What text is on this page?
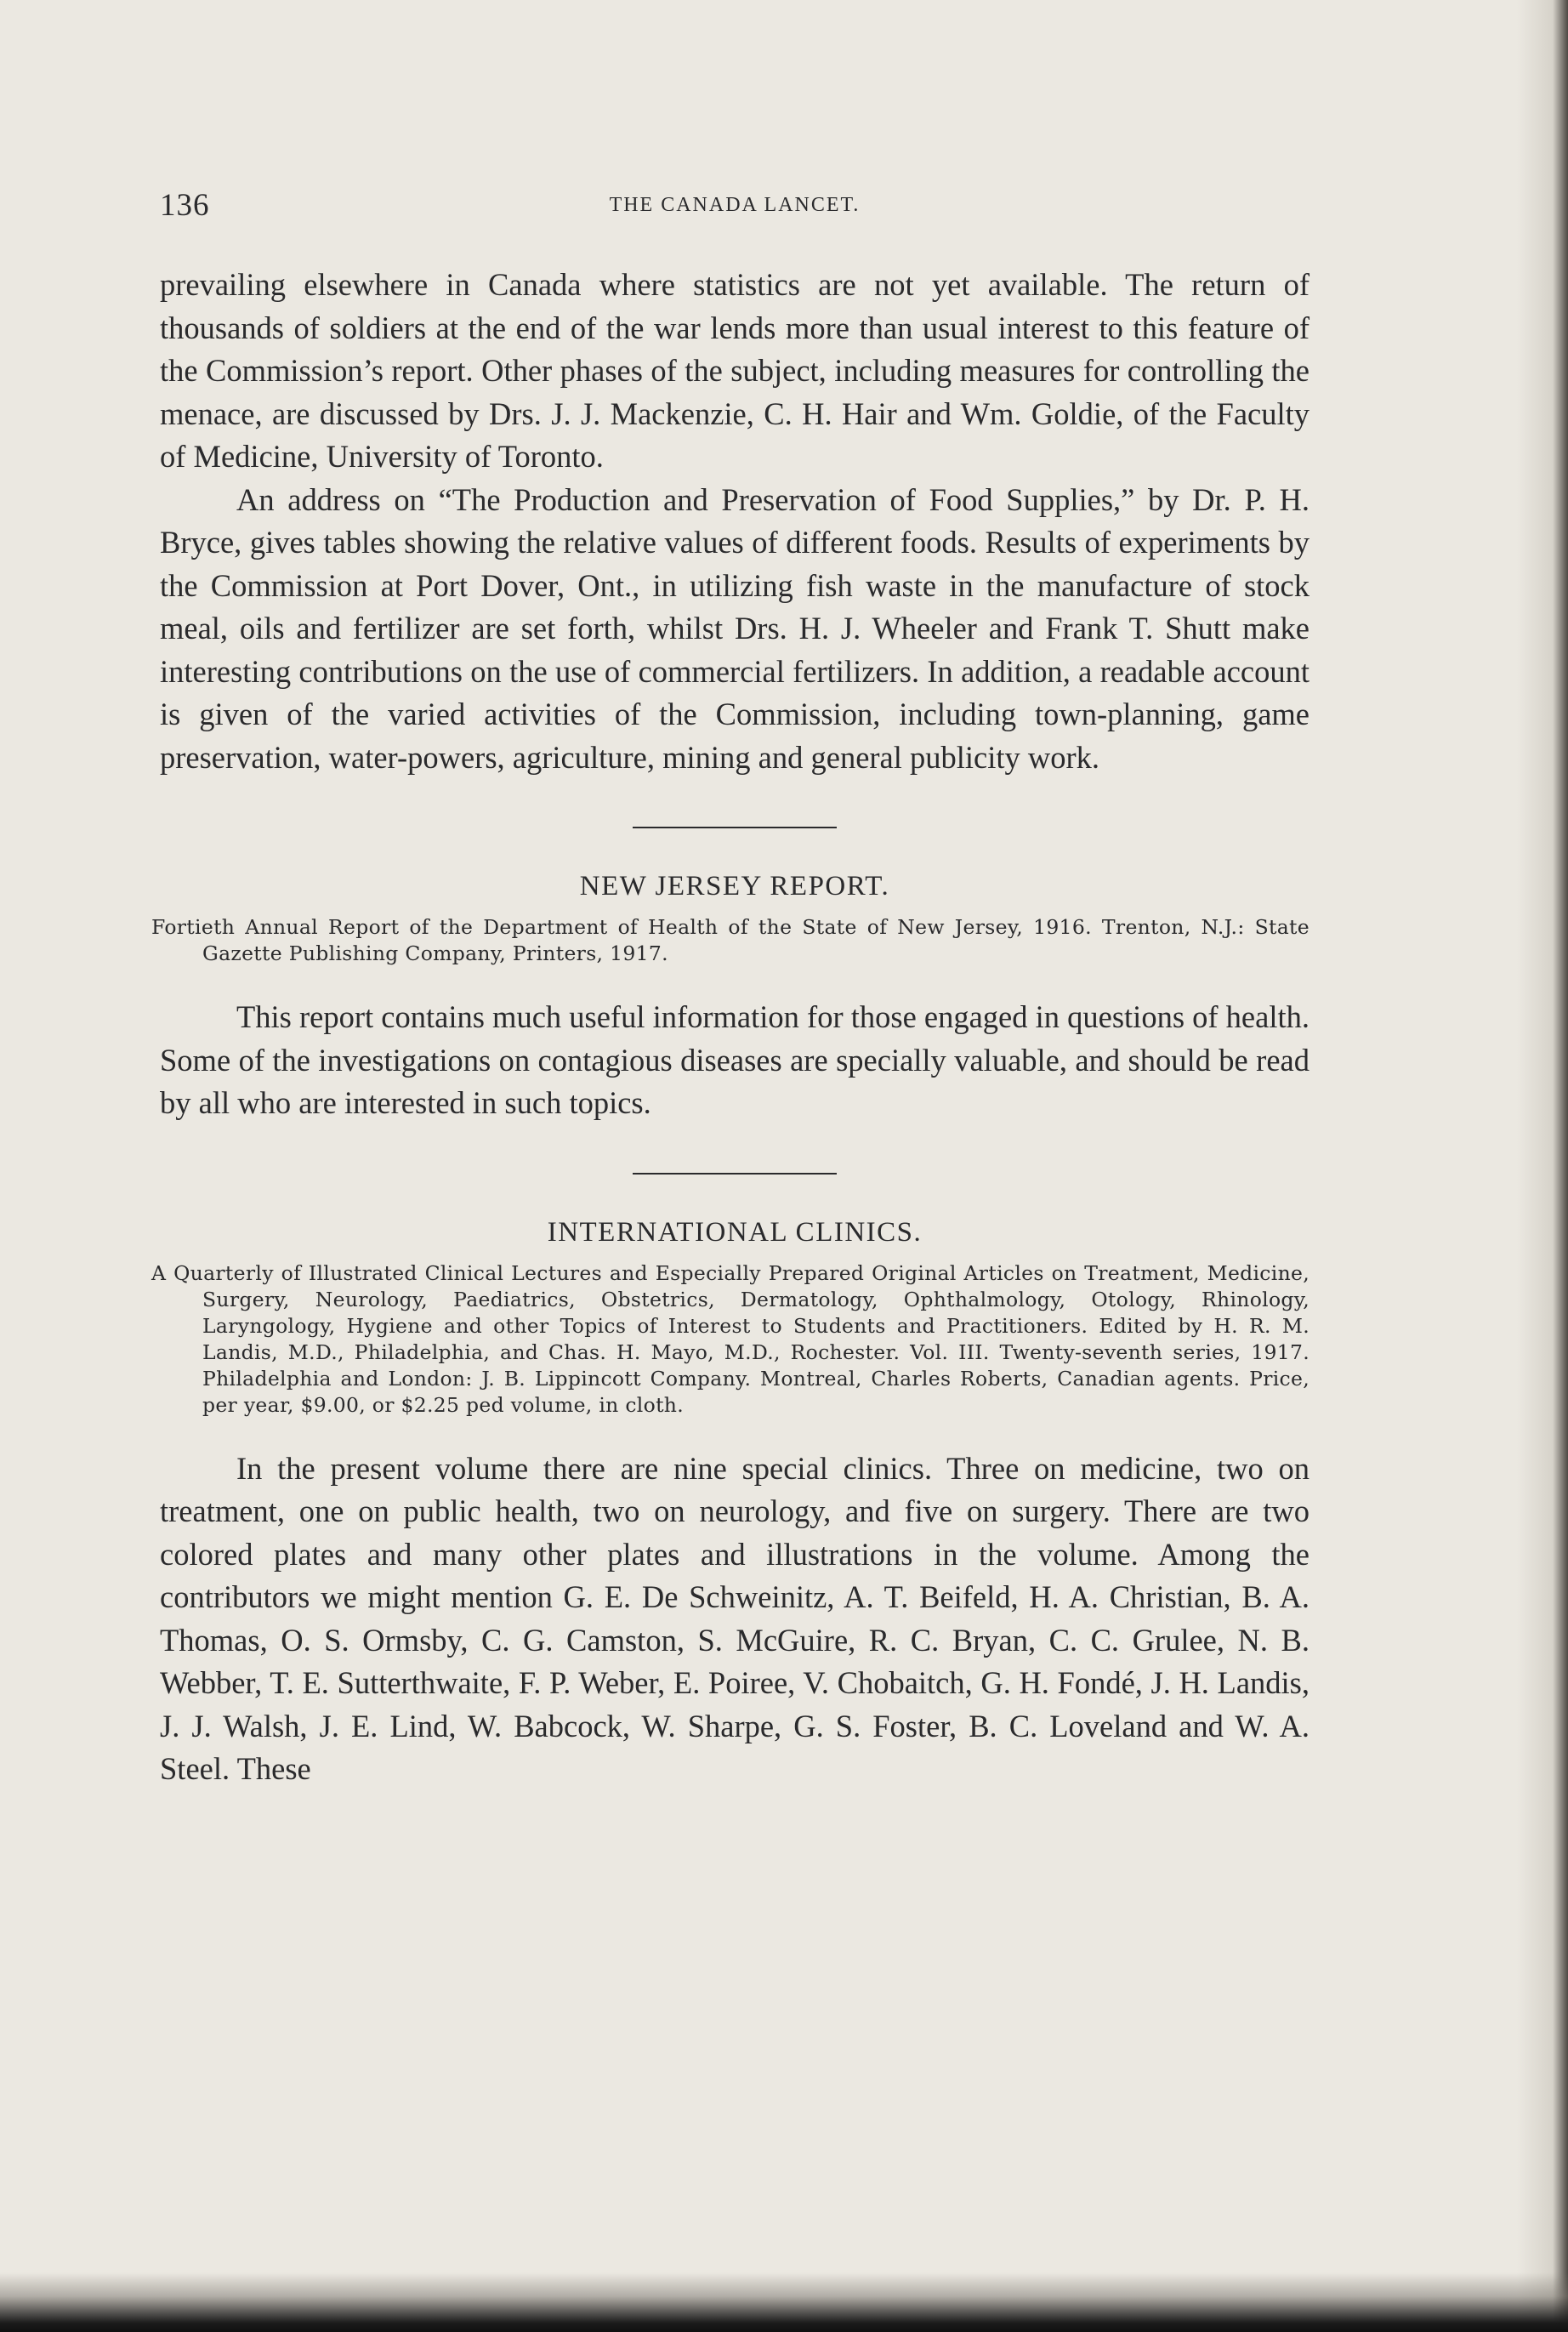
136	THE CANADA LANCET.

prevailing elsewhere in Canada where statistics are not yet available. The return of thousands of soldiers at the end of the war lends more than usual interest to this feature of the Commission’s report. Other phases of the subject, including measures for controlling the menace, are discussed by Drs. J. J. Mackenzie, C. H. Hair and Wm. Goldie, of the Faculty of Medicine, University of Toronto.

An address on “The Production and Preservation of Food Supplies,” by Dr. P. H. Bryce, gives tables showing the relative values of different foods. Results of experiments by the Commission at Port Dover, Ont., in utilizing fish waste in the manufacture of stock meal, oils and fertilizer are set forth, whilst Drs. H. J. Wheeler and Frank T. Shutt make interesting contributions on the use of commercial fertilizers. In addition, a readable account is given of the varied activities of the Commission, including town-planning, game preservation, water-powers, agriculture, mining and general publicity work.

NEW JERSEY REPORT.
Fortieth Annual Report of the Department of Health of the State of New Jersey, 1916. Trenton, N.J.: State Gazette Publishing Company, Printers, 1917.

This report contains much useful information for those engaged in questions of health. Some of the investigations on contagious diseases are specially valuable, and should be read by all who are interested in such topics.

INTERNATIONAL CLINICS.
A Quarterly of Illustrated Clinical Lectures and Especially Prepared Original Articles on Treatment, Medicine, Surgery, Neurology, Paediatrics, Obstetrics, Dermatology, Ophthalmology, Otology, Rhinology, Laryngology, Hygiene and other Topics of Interest to Students and Practitioners. Edited by H. R. M. Landis, M.D., Philadelphia, and Chas. H. Mayo, M.D., Rochester. Vol. III. Twenty-seventh series, 1917. Philadelphia and London: J. B. Lippincott Company. Montreal, Charles Roberts, Canadian agents. Price, per year, $9.00, or $2.25 ped volume, in cloth.

In the present volume there are nine special clinics. Three on medicine, two on treatment, one on public health, two on neurology, and five on surgery. There are two colored plates and many other plates and illustrations in the volume. Among the contributors we might mention G. E. De Schweinitz, A. T. Beifeld, H. A. Christian, B. A. Thomas, O. S. Ormsby, C. G. Camston, S. McGuire, R. C. Bryan, C. C. Grulee, N. B. Webber, T. E. Sutterthwaite, F. P. Weber, E. Poiree, V. Chobaitch, G. H. Fondé, J. H. Landis, J. J. Walsh, J. E. Lind, W. Babcock, W. Sharpe, G. S. Foster, B. C. Loveland and W. A. Steel. These
